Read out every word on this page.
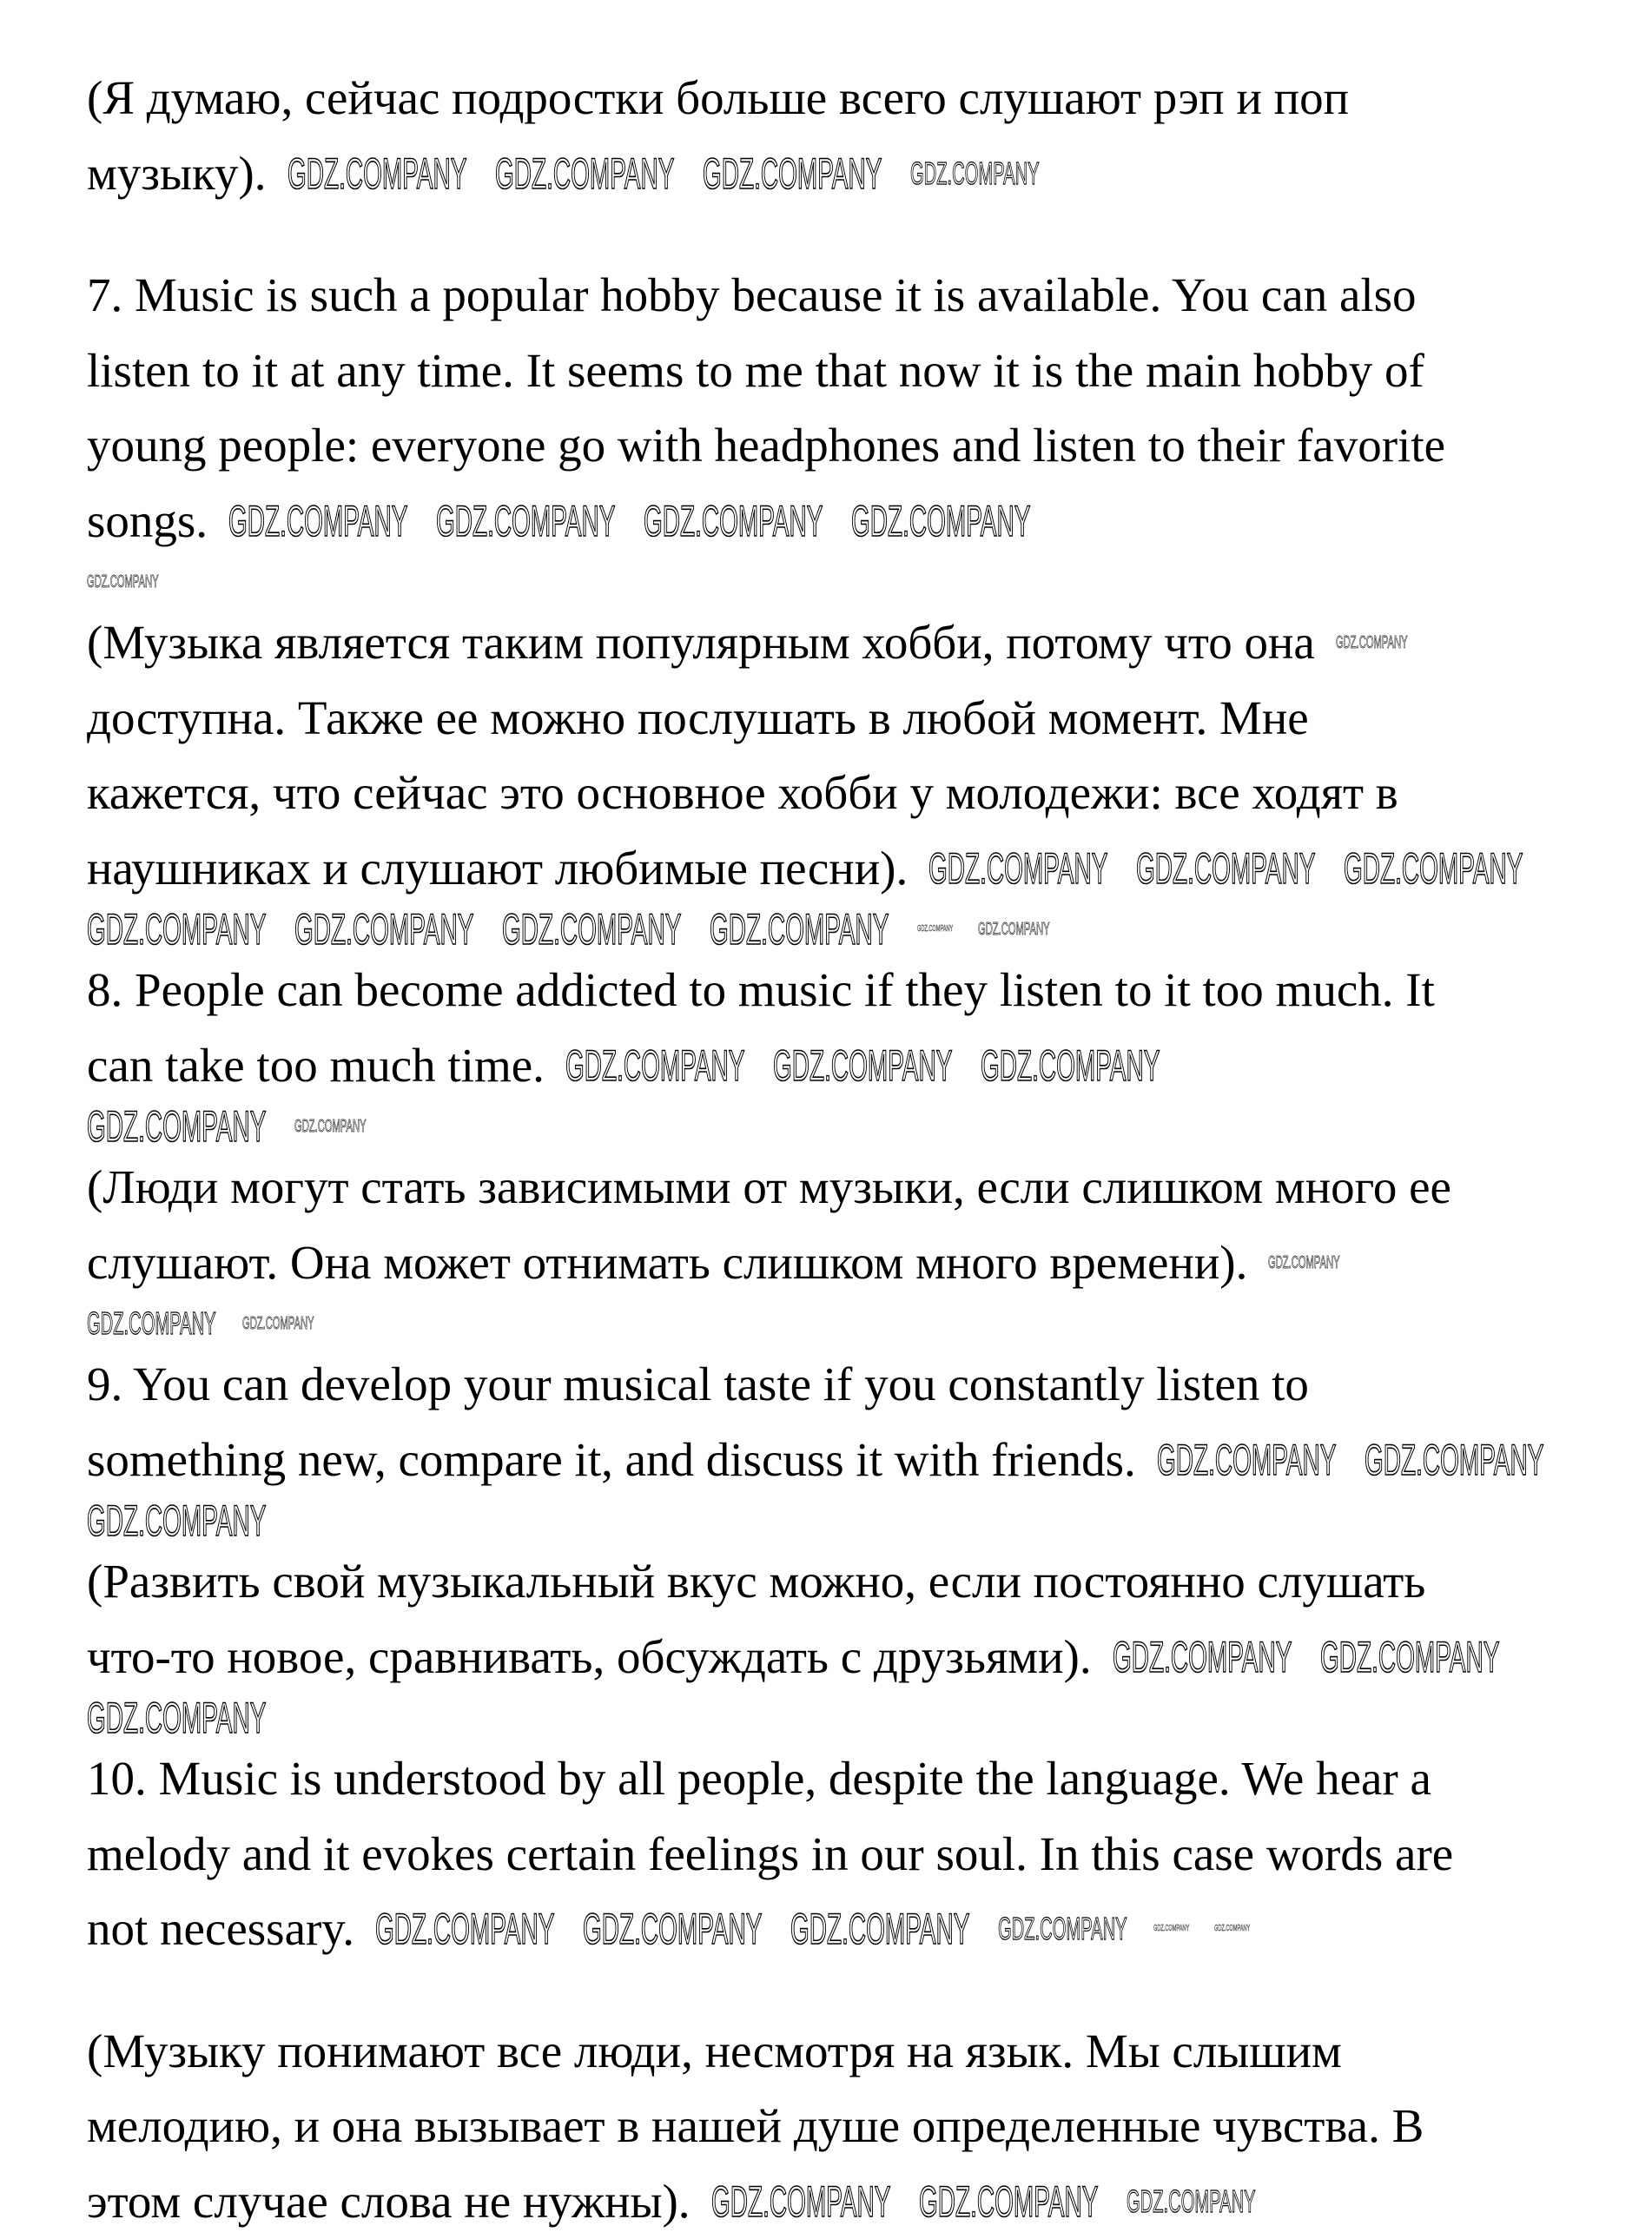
(Я думаю, сейчас подростки больше всего слушают рэп и поп
музыку). GDZ.COMPANY GDZ.COMPANY GDZ.COMPANY GDZ.COMPANY
7. Music is such a popular hobby because it is available. You can also
listen to it at any time. It seems to me that now it is the main hobby of
young people: everyone go with headphones and listen to their favorite
songs. GDZ.COMPANY GDZ.COMPANY GDZ.COMPANY GDZ.COMPANY
GDZ.COMPANY
(Музыка является таким популярным хобби, потому что она GDZ.COMPANY
доступна. Также ее можно послушать в любой момент. Мне
кажется, что сейчас это основное хобби у молодежи: все ходят в
наушниках и слушают любимые песни). GDZ.COMPANY GDZ.COMPANY GDZ.COMPANY
GDZ.COMPANY GDZ.COMPANY GDZ.COMPANY GDZ.COMPANY	GDZ.COMPANY GDZ.COMPANY
8. People can become addicted to music if they listen to it too much. It
can take too much time. GDZ.COMPANY GDZ.COMPANY GDZ.COMPANY
GDZ.COMPANY GDZ.COMPANY
(Люди могут стать зависимыми от музыки, если слишком много ее
слушают. Она может отнимать слишком много времени). GDZ.COMPANY
GDZ.COMPANY GDZ.COMPANY
9. You can develop your musical taste if you constantly listen to
something new, compare it, and discuss it with friends. GDZ.COMPANY GDZ.COMPANY
GDZ.COMPANY
(Развить свой музыкальный вкус можно, если постоянно слушать
что-то новое, сравнивать, обсуждать с друзьями). GDZ.COMPANY GDZ.COMPANY
GDZ.COMPANY
10. Music is understood by all people, despite the language. We hear a
melody and it evokes certain feelings in our soul. In this case words are
not necessary. GDZ.COMPANY GDZ.COMPANY GDZ.COMPANY GDZ.COMPANY	GDZ.COMPANY	GDZ.COMPANY
(Музыку понимают все люди, несмотря на язык. Мы слышим
мелодию, и она вызывает в нашей душе определенные чувства. В
этом случае слова не нужны). GDZ.COMPANY GDZ.COMPANY GDZ.COMPANY
